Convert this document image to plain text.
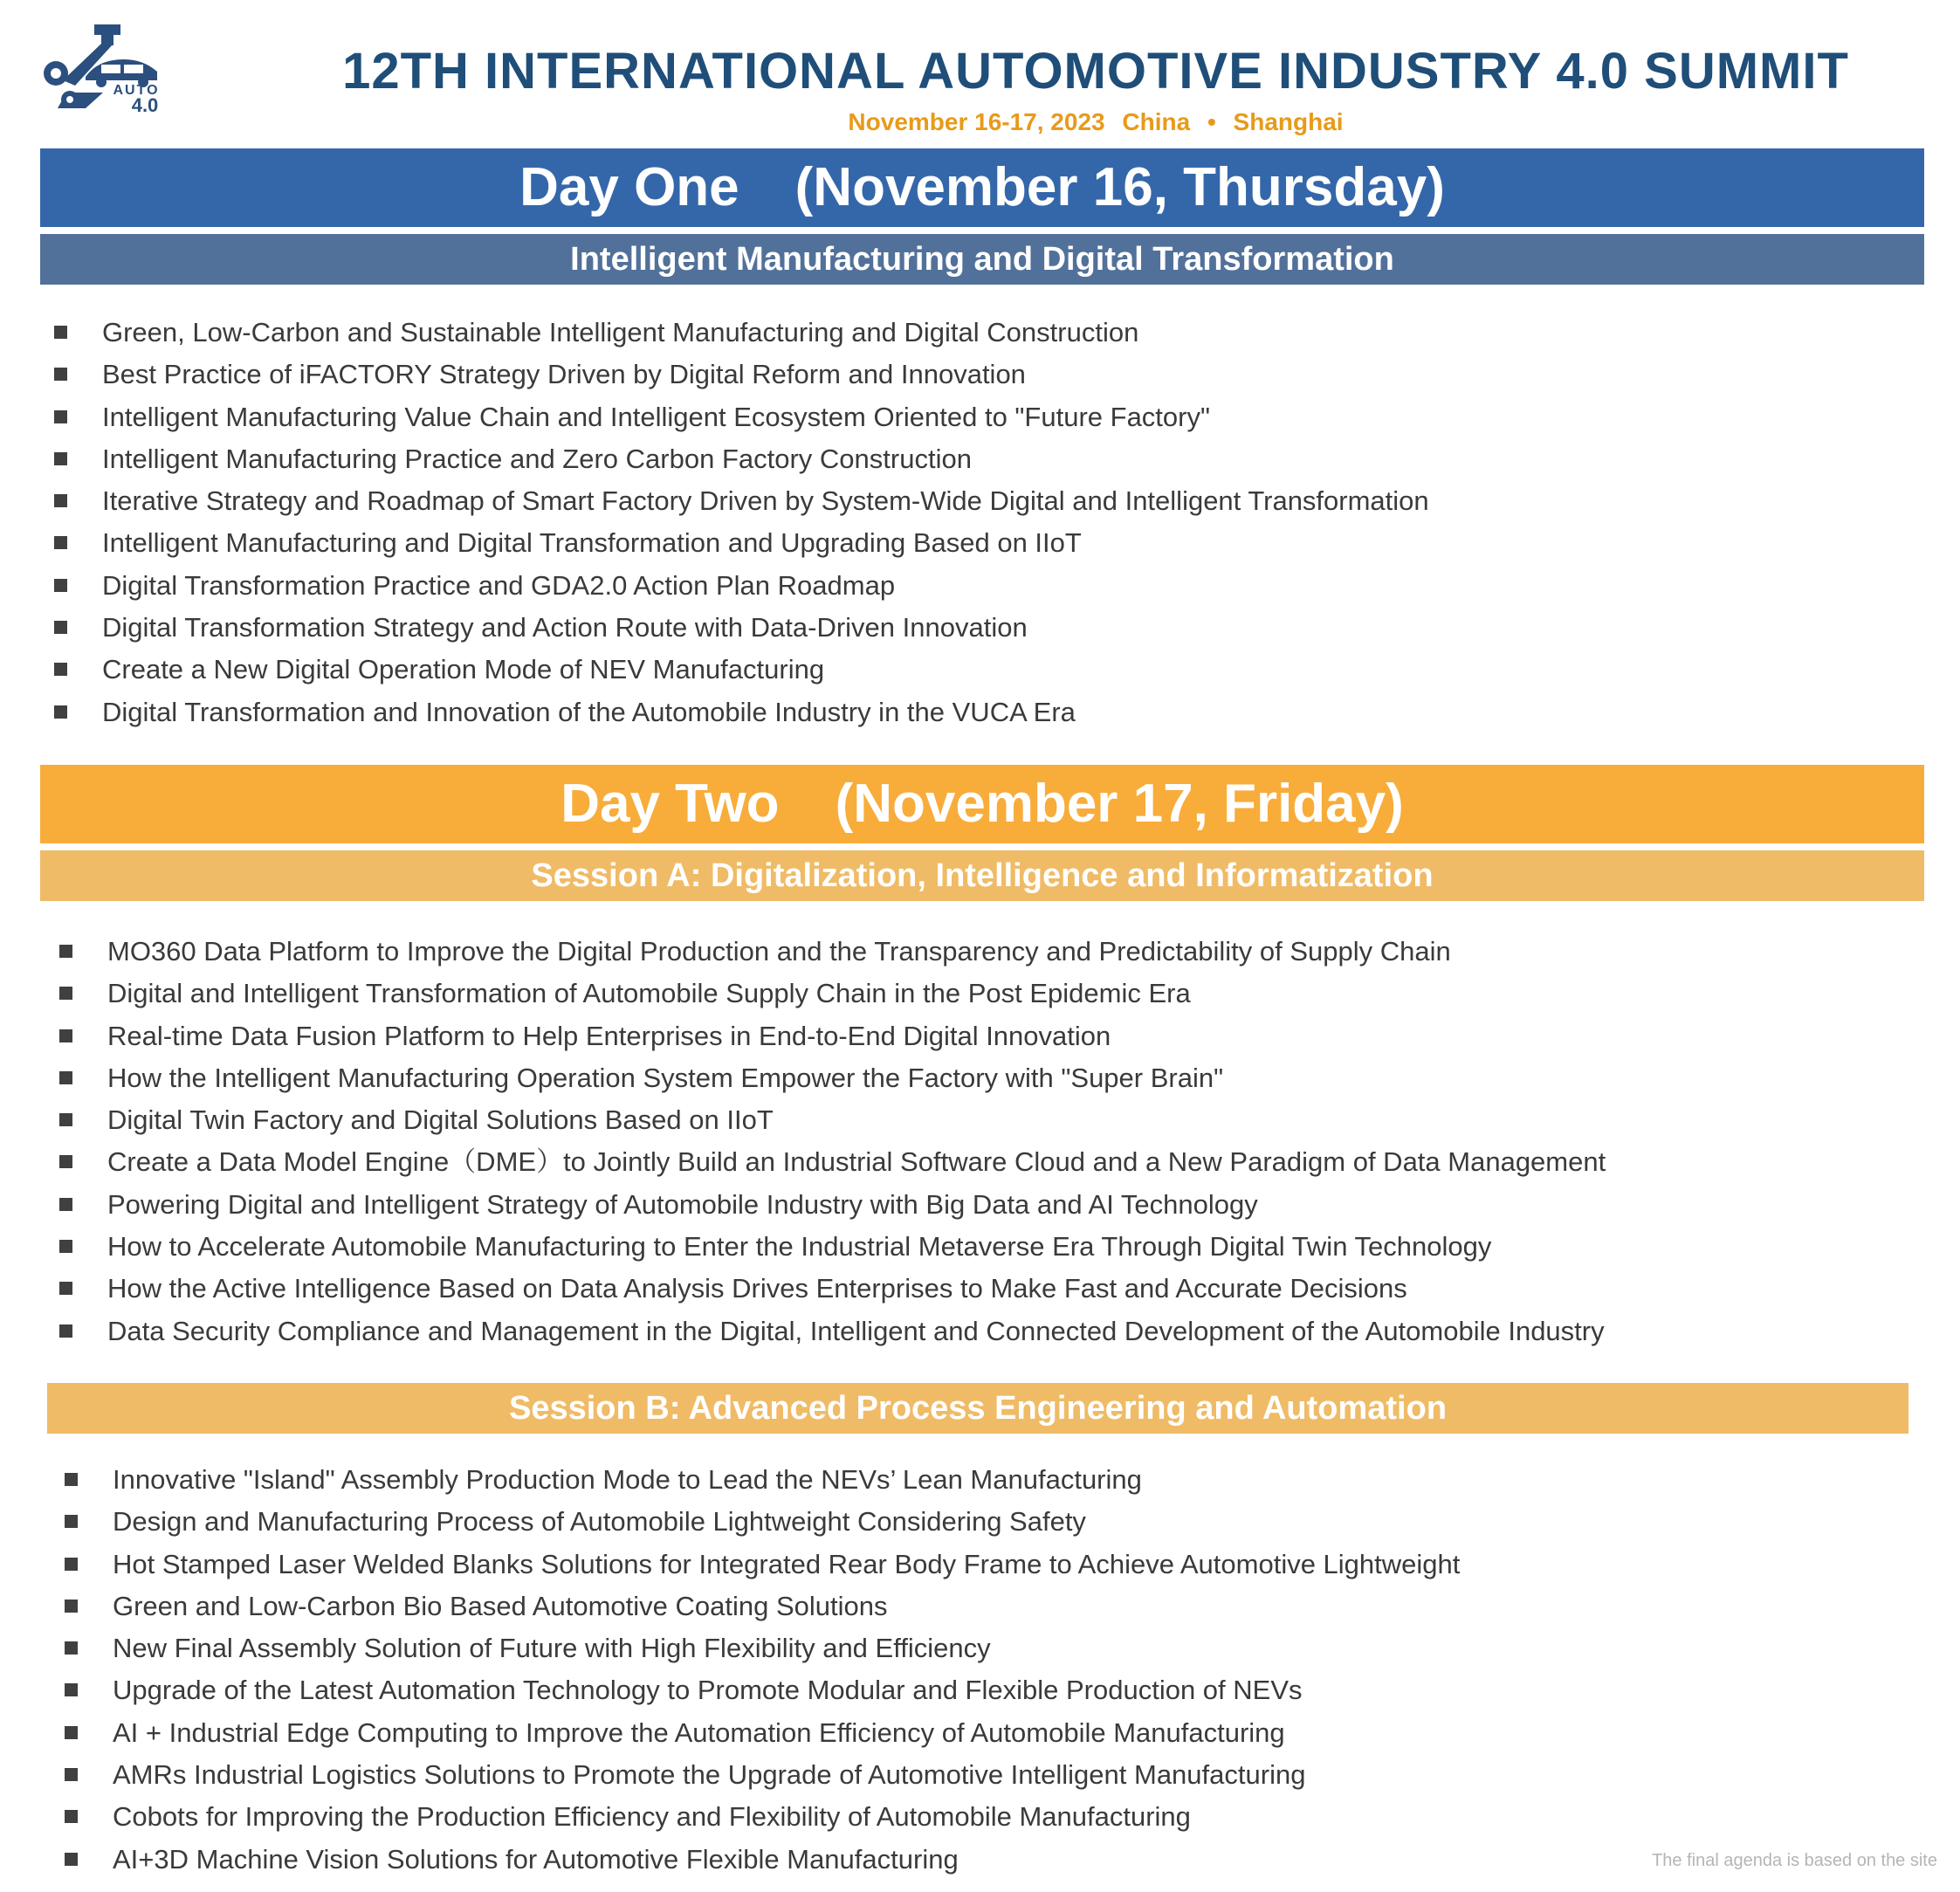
AUTO
4.0
12TH INTERNATIONAL AUTOMOTIVE INDUSTRY 4.0 SUMMIT
November 16-17, 2023 China • Shanghai
Day One (November 16, Thursday)
Intelligent Manufacturing and Digital Transformation
Green, Low-Carbon and Sustainable Intelligent Manufacturing and Digital Construction
Best Practice of iFACTORY Strategy Driven by Digital Reform and Innovation
Intelligent Manufacturing Value Chain and Intelligent Ecosystem Oriented to "Future Factory"
Intelligent Manufacturing Practice and Zero Carbon Factory Construction
Iterative Strategy and Roadmap of Smart Factory Driven by System-Wide Digital and Intelligent Transformation
Intelligent Manufacturing and Digital Transformation and Upgrading Based on IIoT
Digital Transformation Practice and GDA2.0 Action Plan Roadmap
Digital Transformation Strategy and Action Route with Data-Driven Innovation
Create a New Digital Operation Mode of NEV Manufacturing
Digital Transformation and Innovation of the Automobile Industry in the VUCA Era
Day Two (November 17, Friday)
Session A: Digitalization, Intelligence and Informatization
MO360 Data Platform to Improve the Digital Production and the Transparency and Predictability of Supply Chain
Digital and Intelligent Transformation of Automobile Supply Chain in the Post Epidemic Era
Real-time Data Fusion Platform to Help Enterprises in End-to-End Digital Innovation
How the Intelligent Manufacturing Operation System Empower the Factory with "Super Brain"
Digital Twin Factory and Digital Solutions Based on IIoT
Create a Data Model Engine（DME）to Jointly Build an Industrial Software Cloud and a New Paradigm of Data Management
Powering Digital and Intelligent Strategy of Automobile Industry with Big Data and AI Technology
How to Accelerate Automobile Manufacturing to Enter the Industrial Metaverse Era Through Digital Twin Technology
How the Active Intelligence Based on Data Analysis Drives Enterprises to Make Fast and Accurate Decisions
Data Security Compliance and Management in the Digital, Intelligent and Connected Development of the Automobile Industry
Session B: Advanced Process Engineering and Automation
Innovative "Island" Assembly Production Mode to Lead the NEVs’ Lean Manufacturing
Design and Manufacturing Process of Automobile Lightweight Considering Safety
Hot Stamped Laser Welded Blanks Solutions for Integrated Rear Body Frame to Achieve Automotive Lightweight
Green and Low-Carbon Bio Based Automotive Coating Solutions
New Final Assembly Solution of Future with High Flexibility and Efficiency
Upgrade of the Latest Automation Technology to Promote Modular and Flexible Production of NEVs
AI + Industrial Edge Computing to Improve the Automation Efficiency of Automobile Manufacturing
AMRs Industrial Logistics Solutions to Promote the Upgrade of Automotive Intelligent Manufacturing
Cobots for Improving the Production Efficiency and Flexibility of Automobile Manufacturing
AI+3D Machine Vision Solutions for Automotive Flexible Manufacturing	The final agenda is based on the site
